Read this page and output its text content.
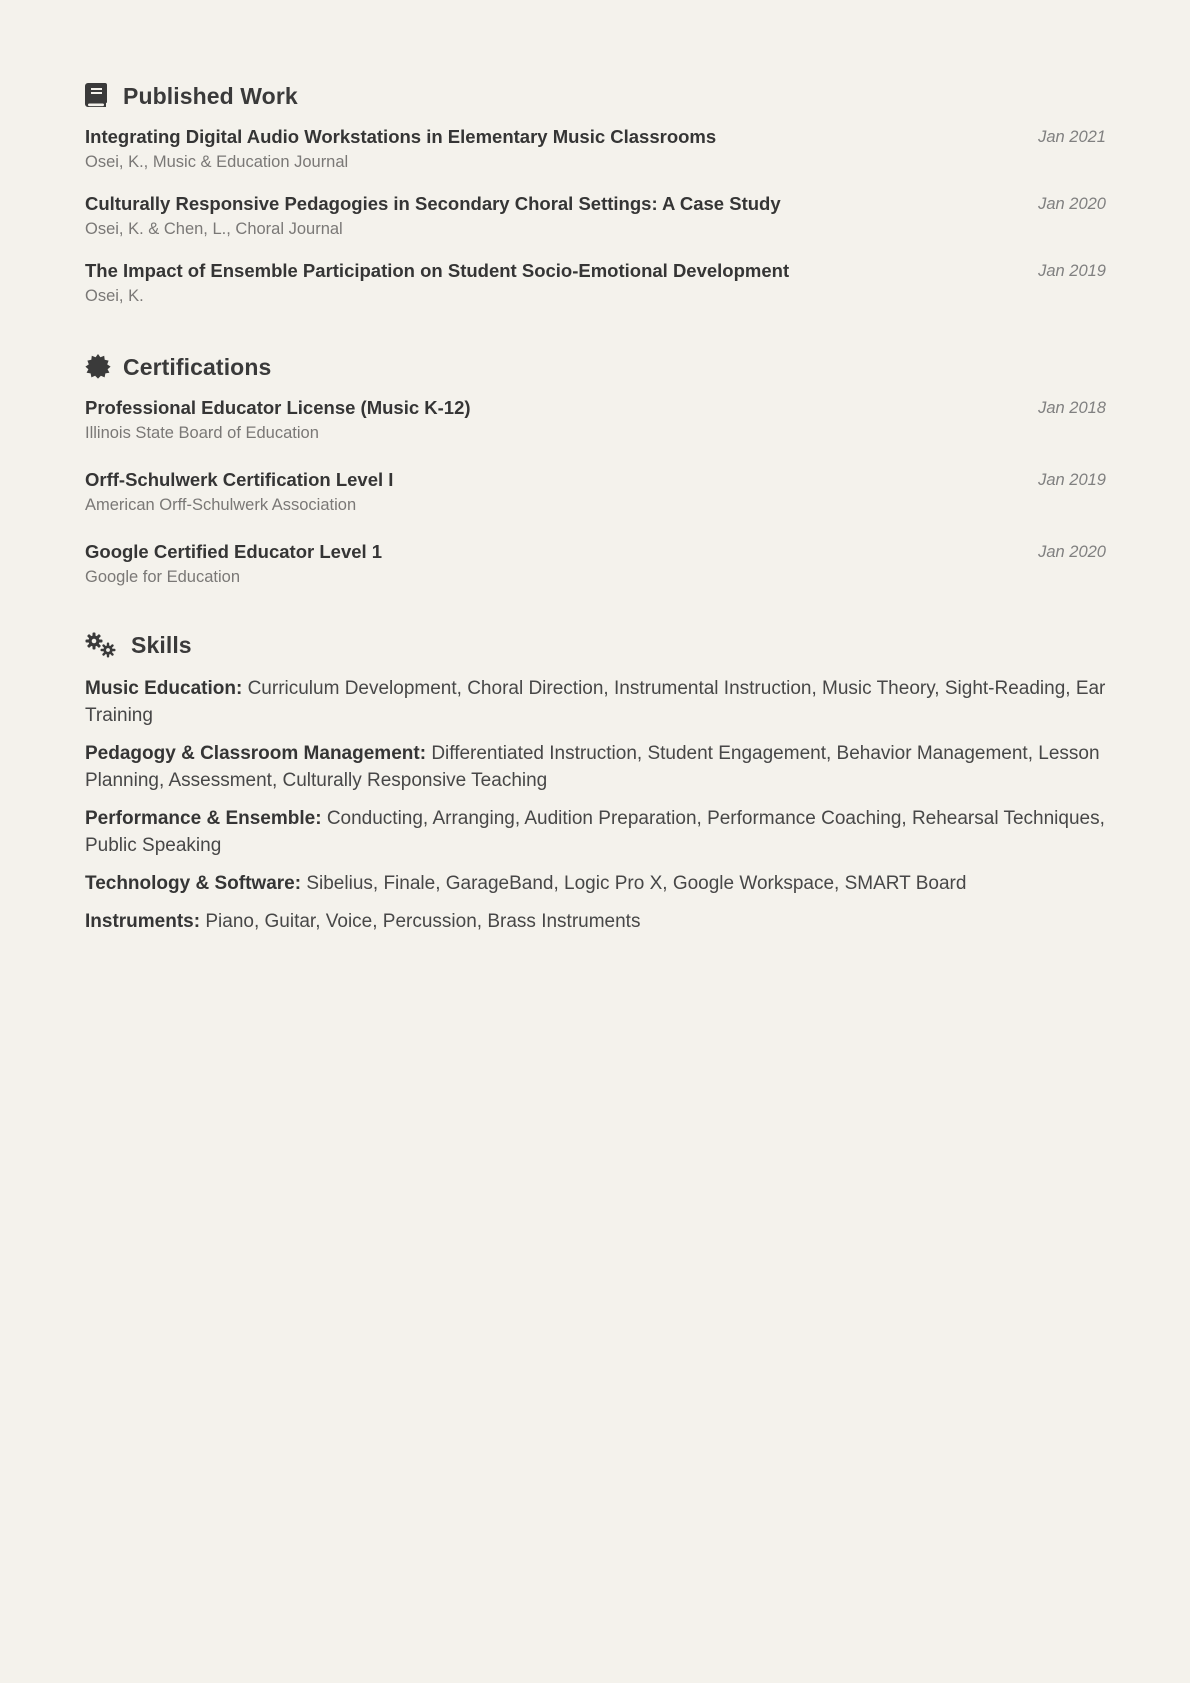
Published Work
Integrating Digital Audio Workstations in Elementary Music Classrooms
Osei, K., Music & Education Journal
Jan 2021
Culturally Responsive Pedagogies in Secondary Choral Settings: A Case Study
Osei, K. & Chen, L., Choral Journal
Jan 2020
The Impact of Ensemble Participation on Student Socio-Emotional Development
Osei, K.
Jan 2019
Certifications
Professional Educator License (Music K-12)
Illinois State Board of Education
Jan 2018
Orff-Schulwerk Certification Level I
American Orff-Schulwerk Association
Jan 2019
Google Certified Educator Level 1
Google for Education
Jan 2020
Skills

Music Education: Curriculum Development, Choral Direction, Instrumental Instruction, Music Theory, Sight-Reading, Ear Training

Pedagogy & Classroom Management: Differentiated Instruction, Student Engagement, Behavior Management, Lesson Planning, Assessment, Culturally Responsive Teaching

Performance & Ensemble: Conducting, Arranging, Audition Preparation, Performance Coaching, Rehearsal Techniques, Public Speaking

Technology & Software: Sibelius, Finale, GarageBand, Logic Pro X, Google Workspace, SMART Board

Instruments: Piano, Guitar, Voice, Percussion, Brass Instruments
